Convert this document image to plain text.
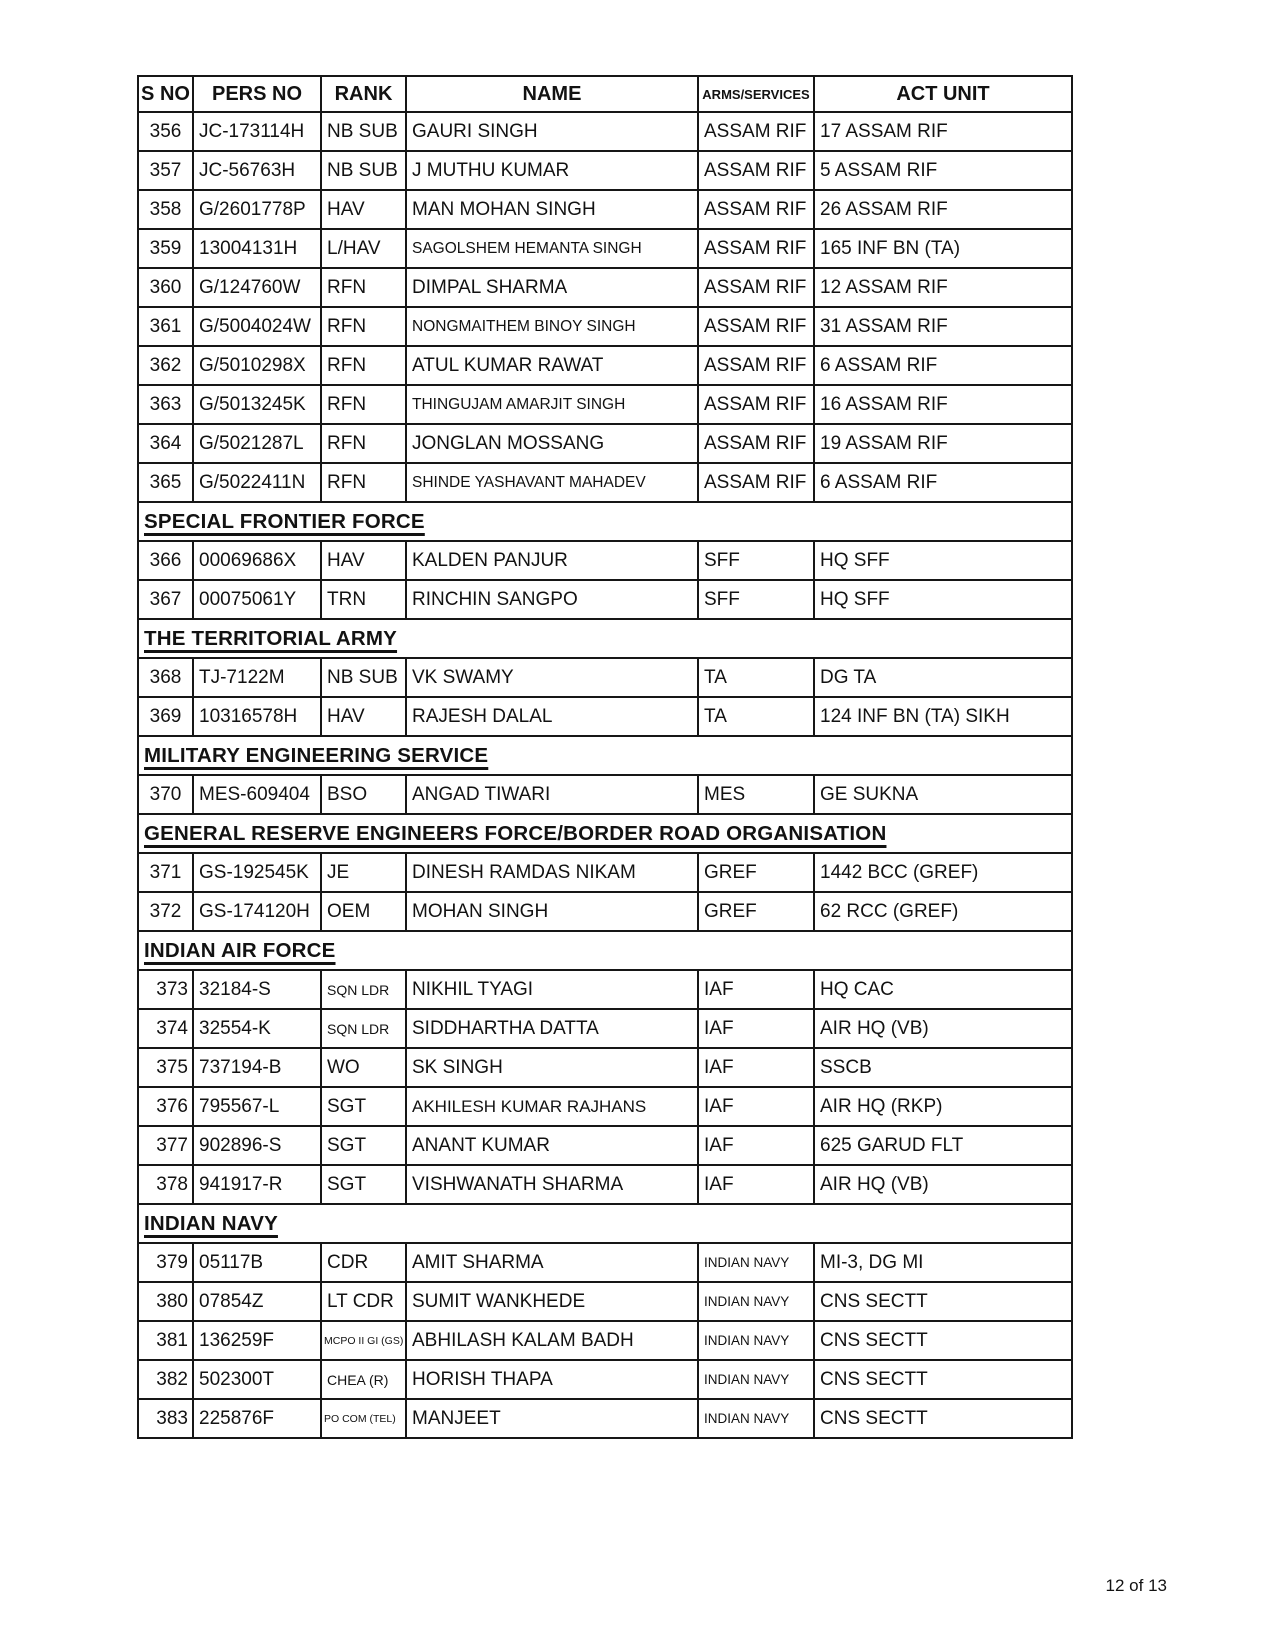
S NO	PERS NO	RANK	NAME	ARMS/SERVICES	ACT UNIT
356	JC-173114H	NB SUB	GAURI SINGH	ASSAM RIF	17 ASSAM RIF
357	JC-56763H	NB SUB	J MUTHU KUMAR	ASSAM RIF	5 ASSAM RIF
358	G/2601778P	HAV	MAN MOHAN SINGH	ASSAM RIF	26 ASSAM RIF
359	13004131H	L/HAV	SAGOLSHEM HEMANTA SINGH	ASSAM RIF	165 INF BN (TA)
360	G/124760W	RFN	DIMPAL SHARMA	ASSAM RIF	12 ASSAM RIF
361	G/5004024W	RFN	NONGMAITHEM BINOY SINGH	ASSAM RIF	31 ASSAM RIF
362	G/5010298X	RFN	ATUL KUMAR RAWAT	ASSAM RIF	6 ASSAM RIF
363	G/5013245K	RFN	THINGUJAM AMARJIT SINGH	ASSAM RIF	16 ASSAM RIF
364	G/5021287L	RFN	JONGLAN MOSSANG	ASSAM RIF	19 ASSAM RIF
365	G/5022411N	RFN	SHINDE YASHAVANT MAHADEV	ASSAM RIF	6 ASSAM RIF
SPECIAL FRONTIER FORCE					
366	00069686X	HAV	KALDEN PANJUR	SFF	HQ SFF
367	00075061Y	TRN	RINCHIN SANGPO	SFF	HQ SFF
THE TERRITORIAL ARMY					
368	TJ-7122M	NB SUB	VK SWAMY	TA	DG TA
369	10316578H	HAV	RAJESH DALAL	TA	124 INF BN (TA) SIKH
MILITARY ENGINEERING SERVICE					
370	MES-609404	BSO	ANGAD TIWARI	MES	GE SUKNA
GENERAL RESERVE ENGINEERS FORCE/BORDER ROAD ORGANISATION					
371	GS-192545K	JE	DINESH RAMDAS NIKAM	GREF	1442 BCC (GREF)
372	GS-174120H	OEM	MOHAN SINGH	GREF	62 RCC (GREF)
INDIAN AIR FORCE					
373	32184-S	SQN LDR	NIKHIL TYAGI	IAF	HQ CAC
374	32554-K	SQN LDR	SIDDHARTHA DATTA	IAF	AIR HQ (VB)
375	737194-B	WO	SK SINGH	IAF	SSCB
376	795567-L	SGT	AKHILESH KUMAR RAJHANS	IAF	AIR HQ (RKP)
377	902896-S	SGT	ANANT KUMAR	IAF	625 GARUD FLT
378	941917-R	SGT	VISHWANATH SHARMA	IAF	AIR HQ (VB)
INDIAN NAVY					
379	05117B	CDR	AMIT SHARMA	INDIAN NAVY	MI-3, DG MI
380	07854Z	LT CDR	SUMIT WANKHEDE	INDIAN NAVY	CNS SECTT
381	136259F	MCPO II GI (GS)	ABHILASH KALAM BADH	INDIAN NAVY	CNS SECTT
382	502300T	CHEA (R)	HORISH THAPA	INDIAN NAVY	CNS SECTT
383	225876F	PO COM (TEL)	MANJEET	INDIAN NAVY	CNS SECTT
12 of 13
